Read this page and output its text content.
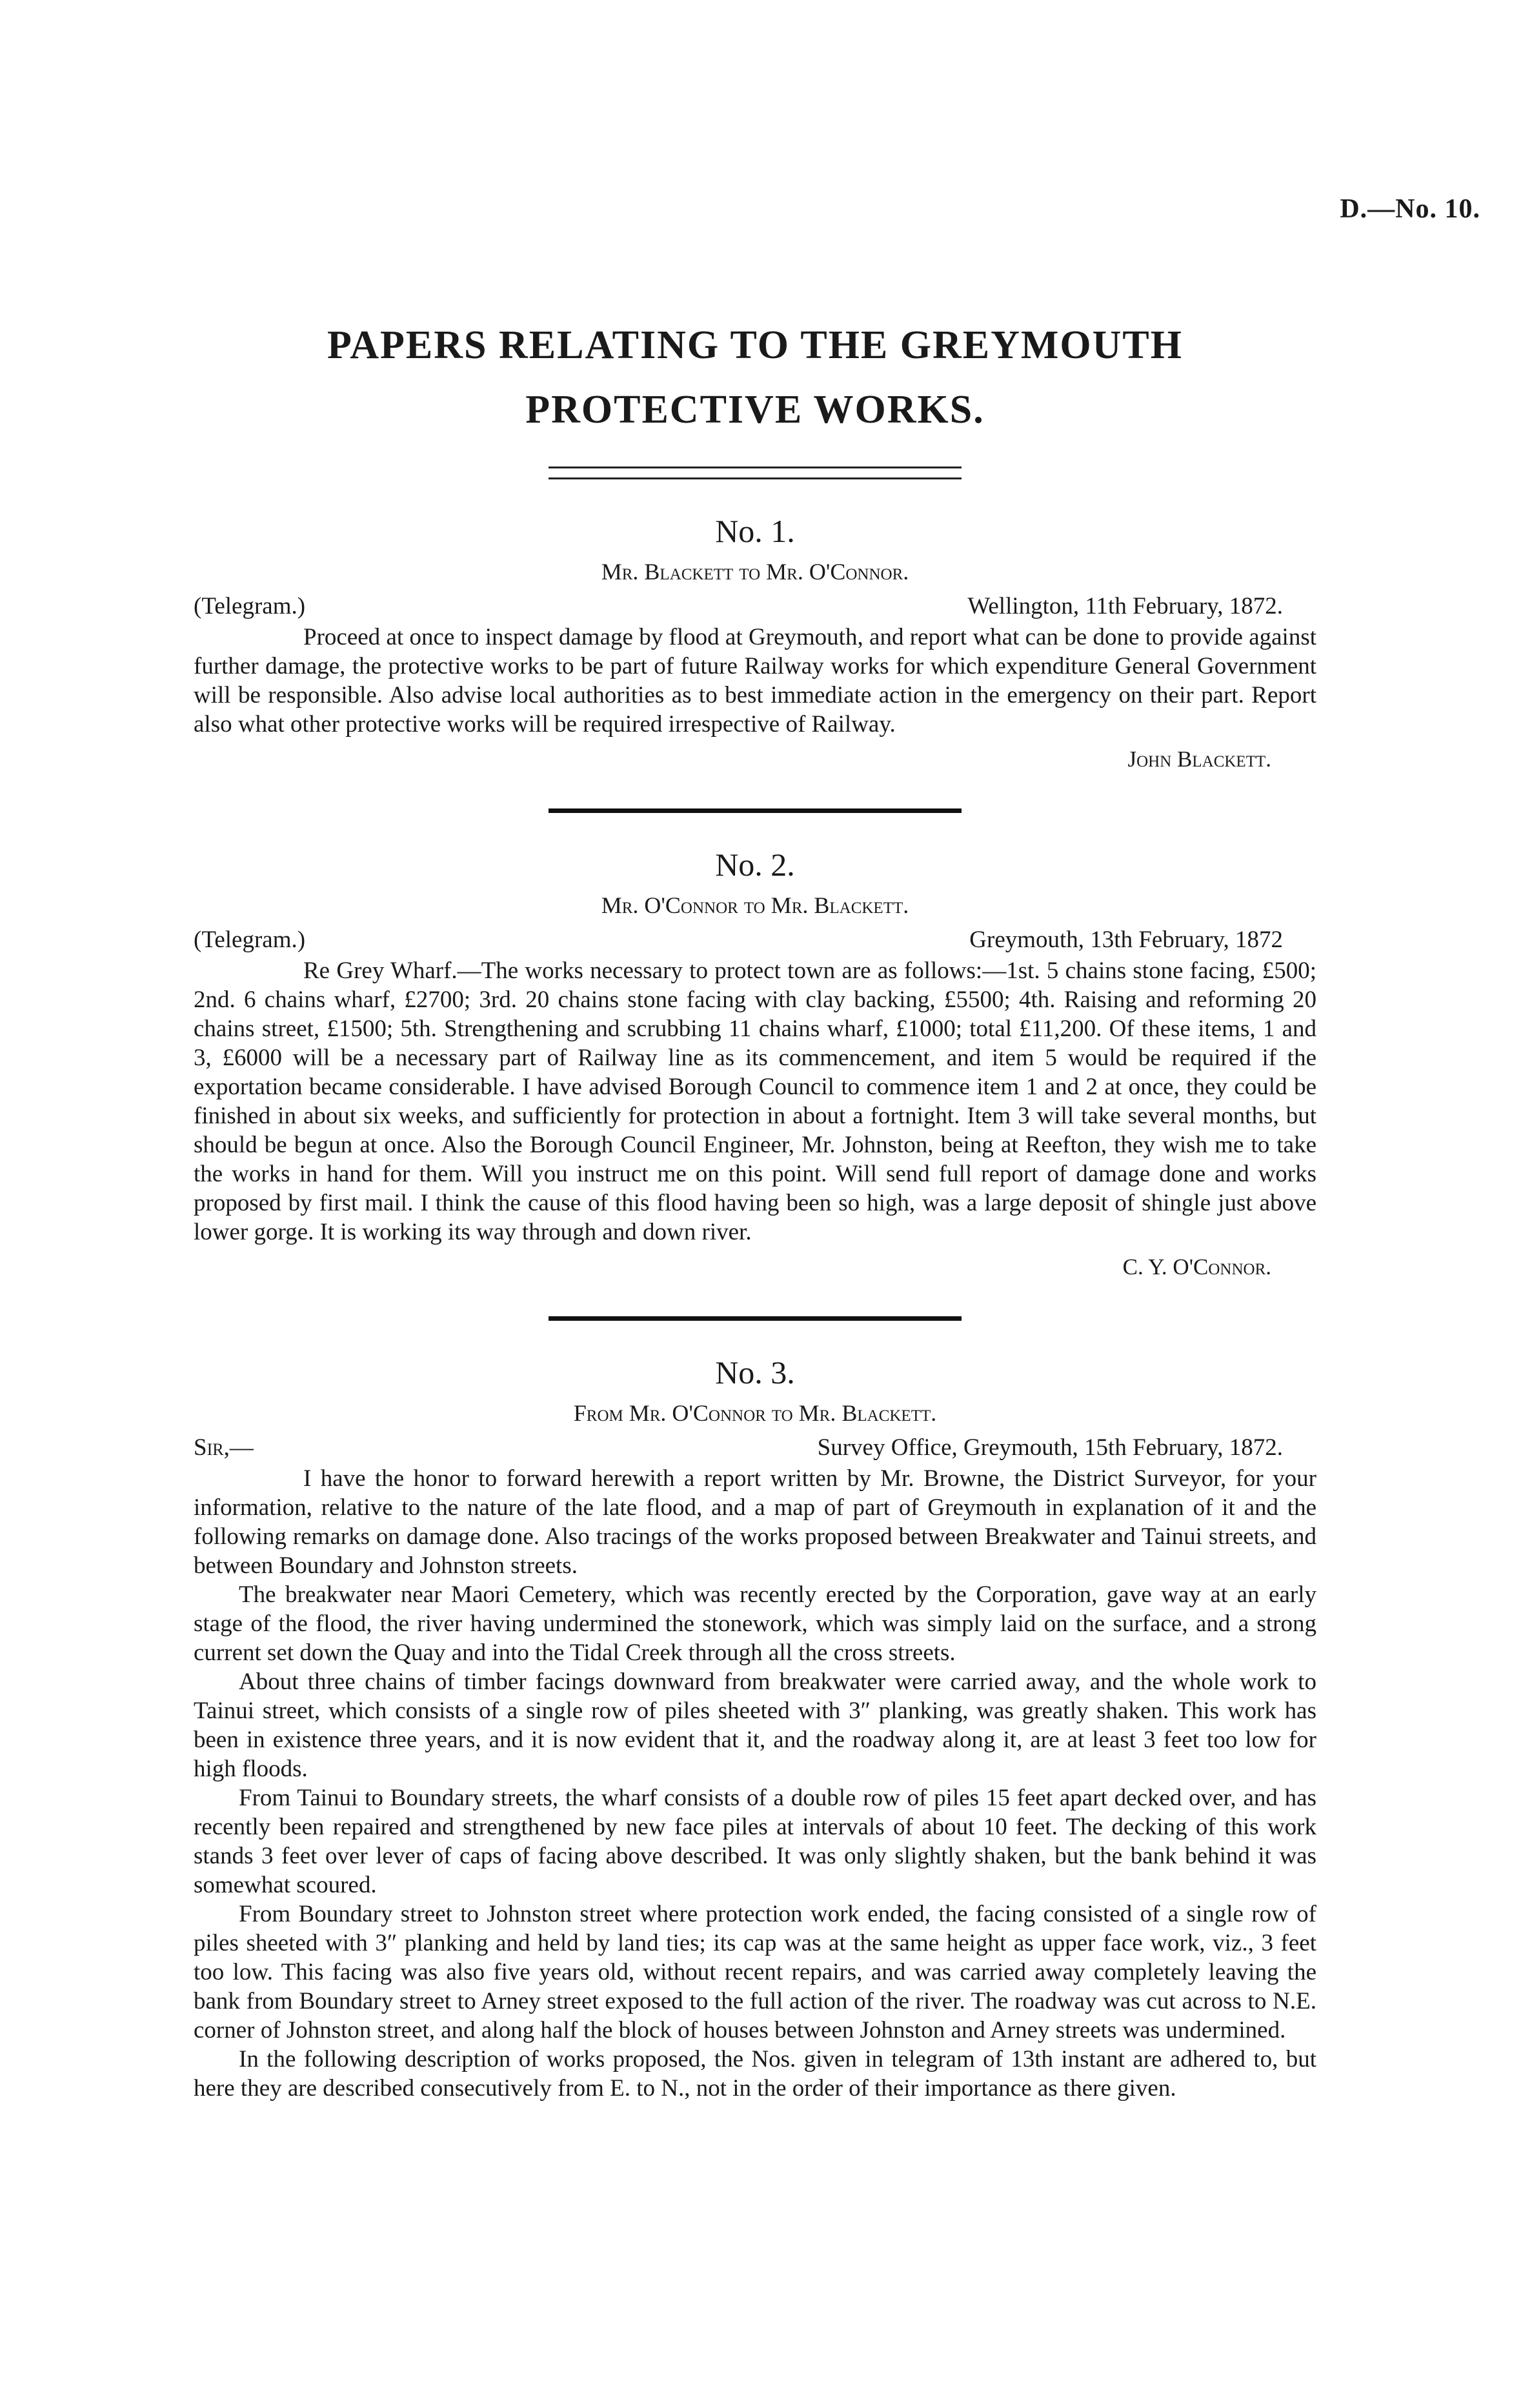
D.—No. 10.
PAPERS RELATING TO THE GREYMOUTH PROTECTIVE WORKS.
No. 1.
Mr. Blackett to Mr. O'Connor.
(Telegram.)	Wellington, 11th February, 1872.

Proceed at once to inspect damage by flood at Greymouth, and report what can be done to provide against further damage, the protective works to be part of future Railway works for which expenditure General Government will be responsible. Also advise local authorities as to best immediate action in the emergency on their part. Report also what other protective works will be required irrespective of Railway.

John Blackett.
No. 2.
Mr. O'Connor to Mr. Blackett.
(Telegram.)	Greymouth, 13th February, 1872

Re Grey Wharf.—The works necessary to protect town are as follows:—1st. 5 chains stone facing, £500; 2nd. 6 chains wharf, £2700; 3rd. 20 chains stone facing with clay backing, £5500; 4th. Raising and reforming 20 chains street, £1500; 5th. Strengthening and scrubbing 11 chains wharf, £1000; total £11,200. Of these items, 1 and 3, £6000 will be a necessary part of Railway line as its commencement, and item 5 would be required if the exportation became considerable. I have advised Borough Council to commence item 1 and 2 at once, they could be finished in about six weeks, and sufficiently for protection in about a fortnight. Item 3 will take several months, but should be begun at once. Also the Borough Council Engineer, Mr. Johnston, being at Reefton, they wish me to take the works in hand for them. Will you instruct me on this point. Will send full report of damage done and works proposed by first mail. I think the cause of this flood having been so high, was a large deposit of shingle just above lower gorge. It is working its way through and down river.

C. Y. O'Connor.
No. 3.
From Mr. O'Connor to Mr. Blackett.
Sir,—	Survey Office, Greymouth, 15th February, 1872.

I have the honor to forward herewith a report written by Mr. Browne, the District Surveyor, for your information, relative to the nature of the late flood, and a map of part of Greymouth in explanation of it and the following remarks on damage done. Also tracings of the works proposed between Breakwater and Tainui streets, and between Boundary and Johnston streets.

The breakwater near Maori Cemetery, which was recently erected by the Corporation, gave way at an early stage of the flood, the river having undermined the stonework, which was simply laid on the surface, and a strong current set down the Quay and into the Tidal Creek through all the cross streets.

About three chains of timber facings downward from breakwater were carried away, and the whole work to Tainui street, which consists of a single row of piles sheeted with 3″ planking, was greatly shaken. This work has been in existence three years, and it is now evident that it, and the roadway along it, are at least 3 feet too low for high floods.

From Tainui to Boundary streets, the wharf consists of a double row of piles 15 feet apart decked over, and has recently been repaired and strengthened by new face piles at intervals of about 10 feet. The decking of this work stands 3 feet over lever of caps of facing above described. It was only slightly shaken, but the bank behind it was somewhat scoured.

From Boundary street to Johnston street where protection work ended, the facing consisted of a single row of piles sheeted with 3″ planking and held by land ties; its cap was at the same height as upper face work, viz., 3 feet too low. This facing was also five years old, without recent repairs, and was carried away completely leaving the bank from Boundary street to Arney street exposed to the full action of the river. The roadway was cut across to N.E. corner of Johnston street, and along half the block of houses between Johnston and Arney streets was undermined.

In the following description of works proposed, the Nos. given in telegram of 13th instant are adhered to, but here they are described consecutively from E. to N., not in the order of their importance as there given.
